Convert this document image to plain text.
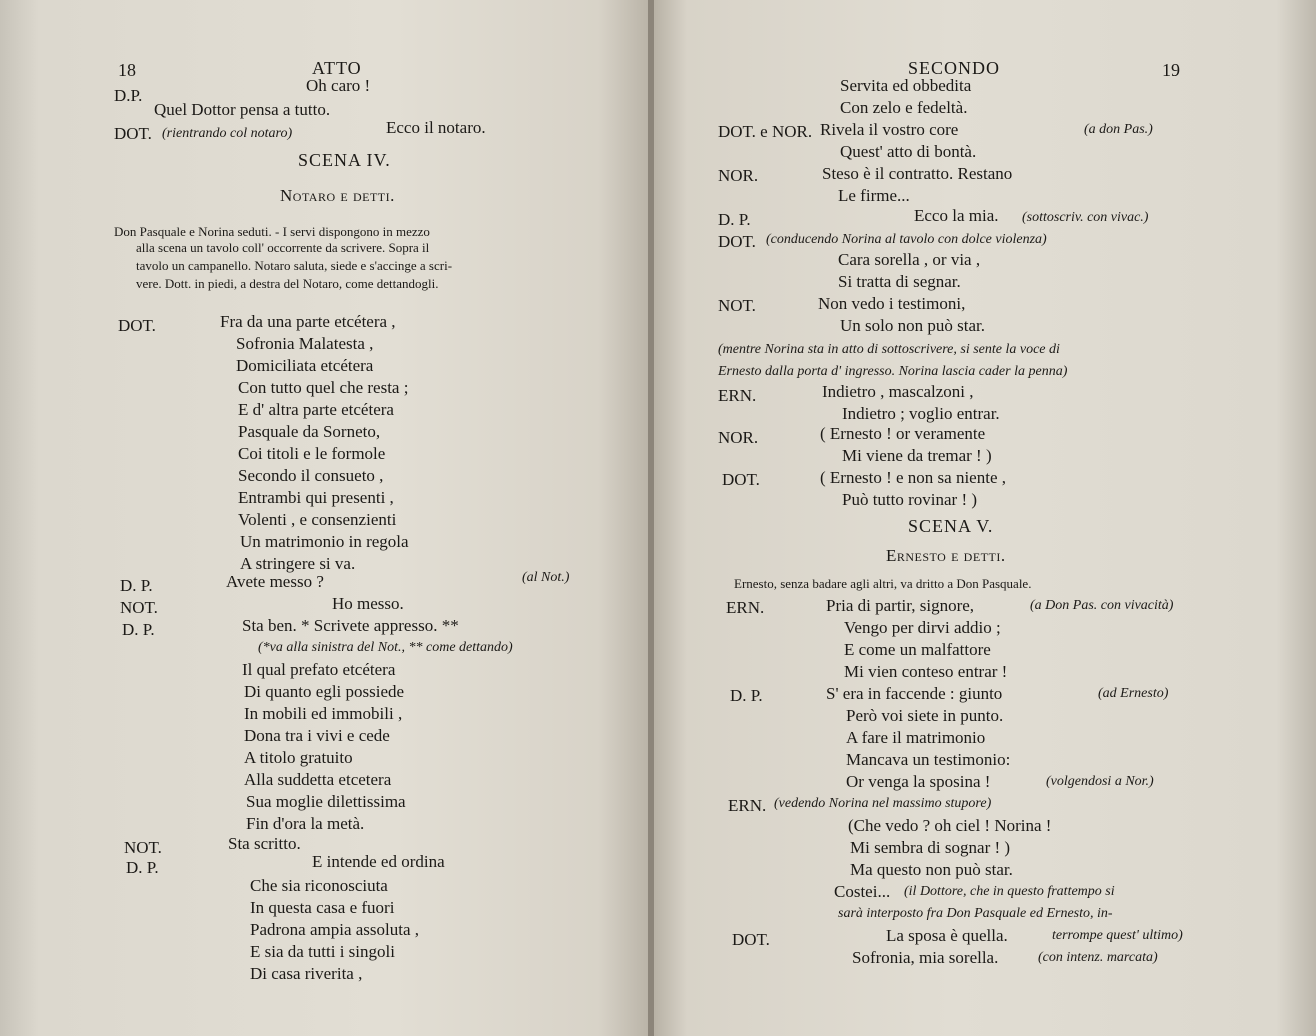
18	ATTO
D.P.
Oh caro !
Quel Dottor pensa a tutto.
DOT. (rientrando col notaro)	Ecco il notaro.
SCENA IV.
Notaro e detti.
Don Pasquale e Norina seduti. - I servi dispongono in mezzo
alla scena un tavolo coll' occorrente da scrivere. Sopra il
tavolo un campanello. Notaro saluta, siede e s'accinge a scri-
vere. Dott. in piedi, a destra del Notaro, come dettandogli.
DOT.	Fra da una parte etcétera ,
Sofronia Malatesta ,
Domiciliata etcétera
Con tutto quel che resta ;
E d' altra parte etcétera
Pasquale da Sorneto,
Coi titoli e le formole
Secondo il consueto ,
Entrambi qui presenti ,
Volenti , e consenzienti
Un matrimonio in regola
A stringere si va.
D. P.	Avete messo ?	(al Not.)
NOT.	Ho messo.
D. P.	Sta ben. * Scrivete appresso. **
(*va alla sinistra del Not., ** come dettando)
Il qual prefato etcétera
Di quanto egli possiede
In mobili ed immobili ,
Dona tra i vivi e cede
A titolo gratuito
Alla suddetta etcetera
Sua moglie dilettissima
Fin d'ora la metà.
NOT.	Sta scritto.
D. P.	E intende ed ordina
Che sia riconosciuta
In questa casa e fuori
Padrona ampia assoluta ,
E sia da tutti i singoli
Di casa riverita ,
SECONDO	19
Servita ed obbedita
Con zelo e fedeltà.
DOT. e NOR. Rivela il vostro core	(a don Pas.)
Quest' atto di bontà.
NOR.	Steso è il contratto. Restano
Le firme...
D. P.	Ecco la mia. (sottoscriv. con vivac.)
DOT. (conducendo Norina al tavolo con dolce violenza)
Cara sorella , or via ,
Si tratta di segnar.
NOT.	Non vedo i testimoni,
Un solo non può star.
(mentre Norina sta in atto di sottoscrivere, si sente la voce di
Ernesto dalla porta d' ingresso. Norina lascia cader la penna)
ERN.	Indietro , mascalzoni ,
Indietro ; voglio entrar.
NOR.	( Ernesto ! or veramente
Mi viene da tremar ! )
DOT.	( Ernesto ! e non sa niente ,
Può tutto rovinar ! )
SCENA V.
Ernesto e detti.
Ernesto, senza badare agli altri, va dritto a Don Pasquale.
ERN.	Pria di partir, signore,	(a Don Pas. con vivacità)
Vengo per dirvi addio ;
E come un malfattore
Mi vien conteso entrar !
D. P.	S' era in faccende : giunto	(ad Ernesto)
Però voi siete in punto.
A fare il matrimonio
Mancava un testimonio:
Or venga la sposina !	(volgendosi a Nor.)
ERN. (vedendo Norina nel massimo stupore)
(Che vedo ? oh ciel ! Norina !
Mi sembra di sognar ! )
Ma questo non può star.
Costei... (il Dottore, che in questo frattempo si
sarà interposto fra Don Pasquale ed Ernesto, in-
DOT.	La sposa è quella.	terrompe quest' ultimo)
Sofronia, mia sorella.	(con intenz. marcata)
